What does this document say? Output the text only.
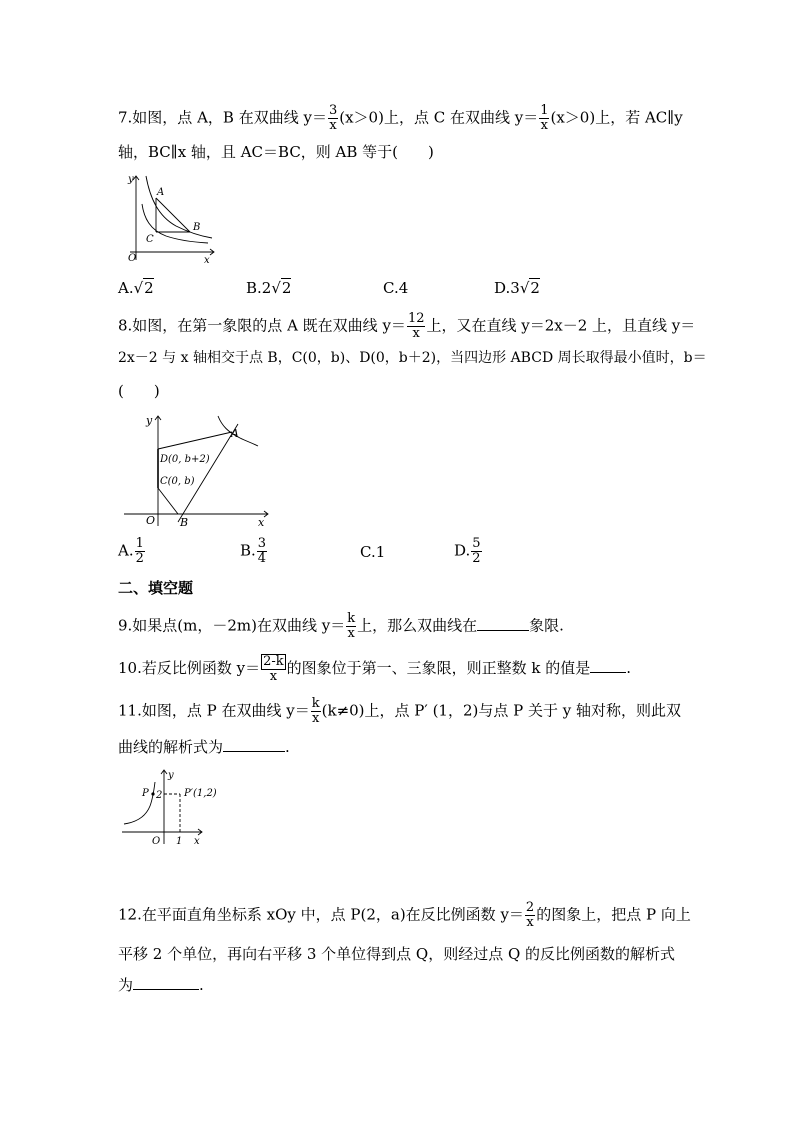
7.如图，点 A，B 在双曲线 $y= \frac{3}{x} (x>0)$上，点 C 在双曲线 $y= \frac{1}{x} (x>0)$上，若 AC∥y
轴，BC∥x 轴，且 AC＝BC，则 AB 等于(　　)
y
x
O
A
B
C
A.√2	B.2√2	C.4	D.3√2
8.如图，在第一象限的点 A 既在双曲线 $y= \frac{12}{x}$ 上，又在直线 y＝2x－2 上，且直线 y＝
2x－2 与 x 轴相交于点 B，C(0，b)、D(0，b＋2)，当四边形 ABCD 周长取得最小值时，b＝
(　　)
y
x
O B
A
D(0, b+2)
C(0, b)
A. $\frac{1}{2}$	B. $\frac{3}{4}$	C.1	D. $\frac{5}{2}$
二、填空题
9.如果点(m，－2m)在双曲线 $y= \frac{k}{x}$ 上，那么双曲线在	象限.
10.若反比例函数 $y= \frac{2-k}{x}$ 的图象位于第一、三象限，则正整数 k 的值是 .
11.如图，点 P 在双曲线 $y= \frac{k}{x} (k\ne 0)$上，点 P′ (1，2)与点 P 关于 y 轴对称，则此双
曲线的解析式为	.
y
x
O
P 2 P′(1,2)
1
12.在平面直角坐标系 xOy 中，点 P(2，a)在反比例函数 $y= \frac{2}{x}$ 的图象上，把点 P 向上
平移 2 个单位，再向右平移 3 个单位得到点 Q，则经过点 Q 的反比例函数的解析式
为	.
